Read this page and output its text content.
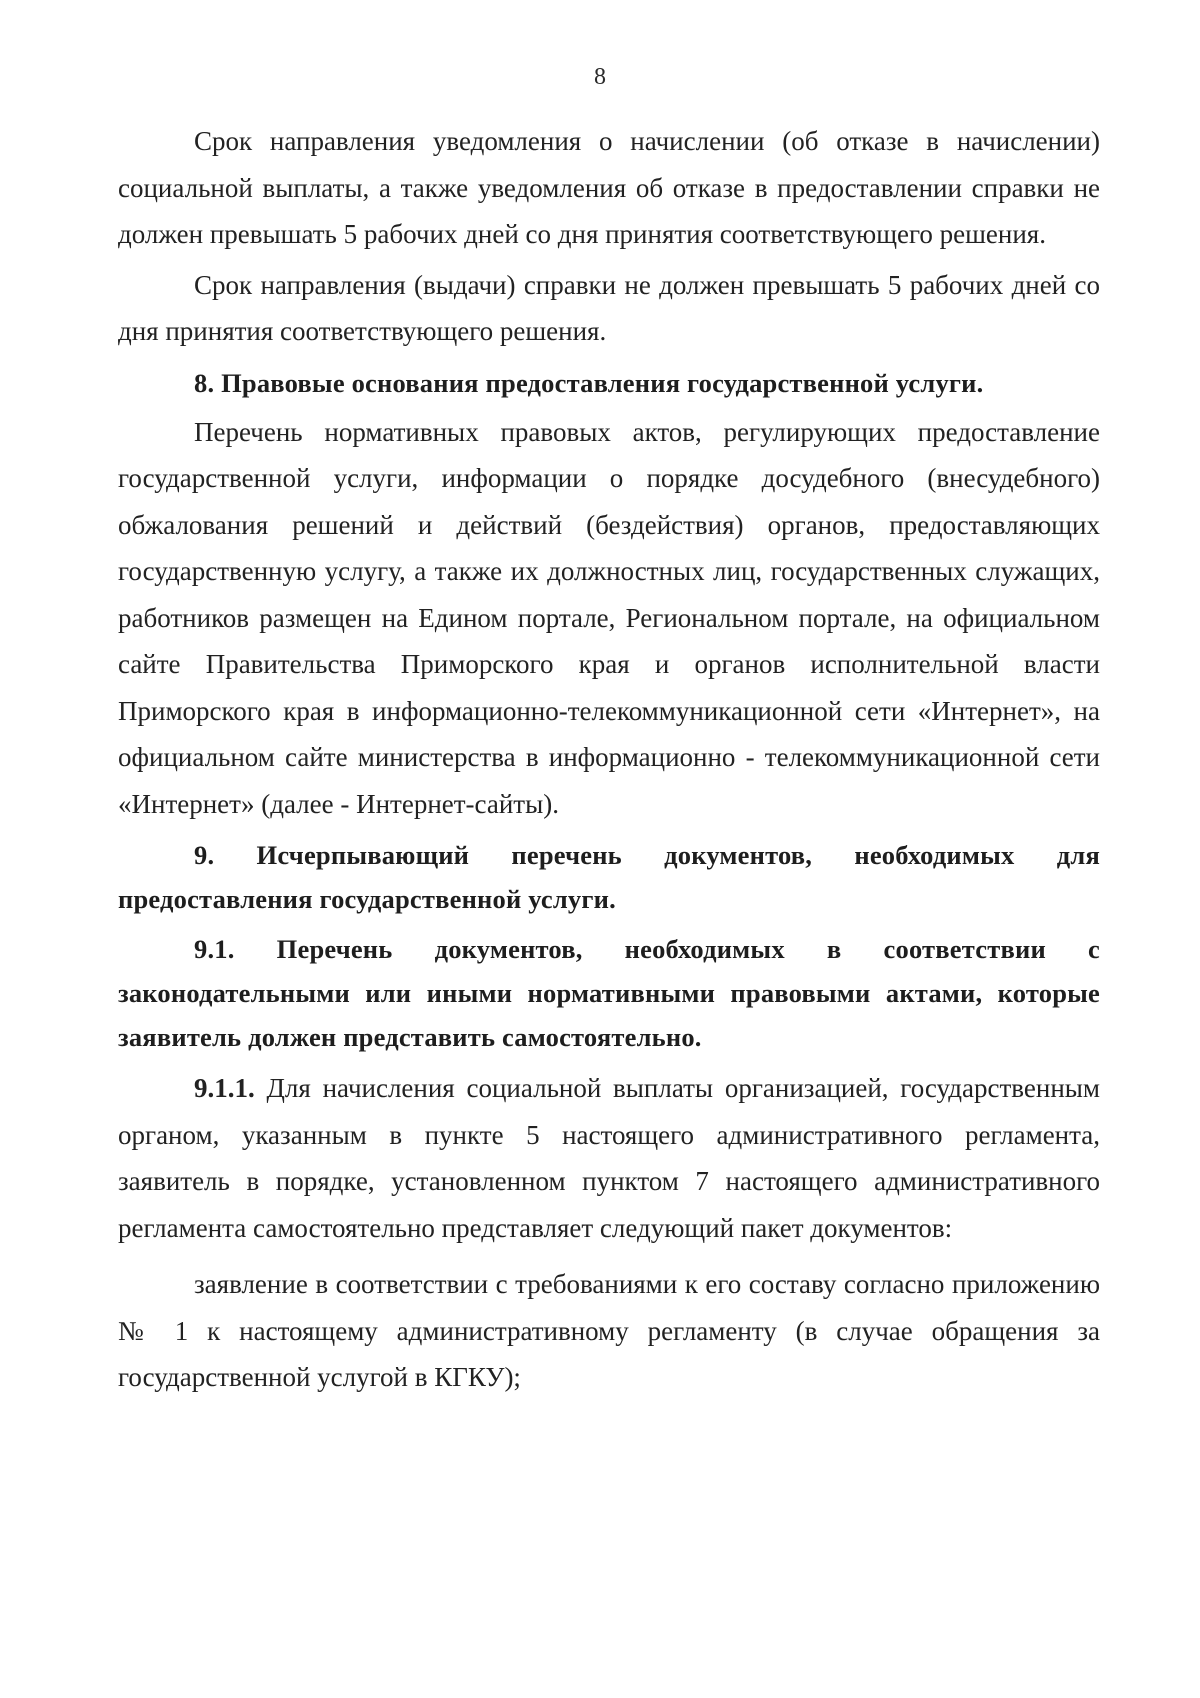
8

Срок направления уведомления о начислении (об отказе в начислении) социальной выплаты, а также уведомления об отказе в предоставлении справки не должен превышать 5 рабочих дней со дня принятия соответствующего решения.

Срок направления (выдачи) справки не должен превышать 5 рабочих дней со дня принятия соответствующего решения.

8. Правовые основания предоставления государственной услуги.

Перечень нормативных правовых актов, регулирующих предоставление государственной услуги, информации о порядке досудебного (внесудебного) обжалования решений и действий (бездействия) органов, предоставляющих государственную услугу, а также их должностных лиц, государственных служащих, работников размещен на Едином портале, Региональном портале, на официальном сайте Правительства Приморского края и органов исполнительной власти Приморского края в информационно-телекоммуникационной сети «Интернет», на официальном сайте министерства в информационно - телекоммуникационной сети «Интернет» (далее - Интернет-сайты).

9. Исчерпывающий перечень документов, необходимых для предоставления государственной услуги.

9.1. Перечень документов, необходимых в соответствии с законодательными или иными нормативными правовыми актами, которые заявитель должен представить самостоятельно.

9.1.1. Для начисления социальной выплаты организацией, государственным органом, указанным в пункте 5 настоящего административного регламента, заявитель в порядке, установленном пунктом 7 настоящего административного регламента самостоятельно представляет следующий пакет документов:

заявление в соответствии с требованиями к его составу согласно приложению № 1 к настоящему административному регламенту (в случае обращения за государственной услугой в КГКУ);
